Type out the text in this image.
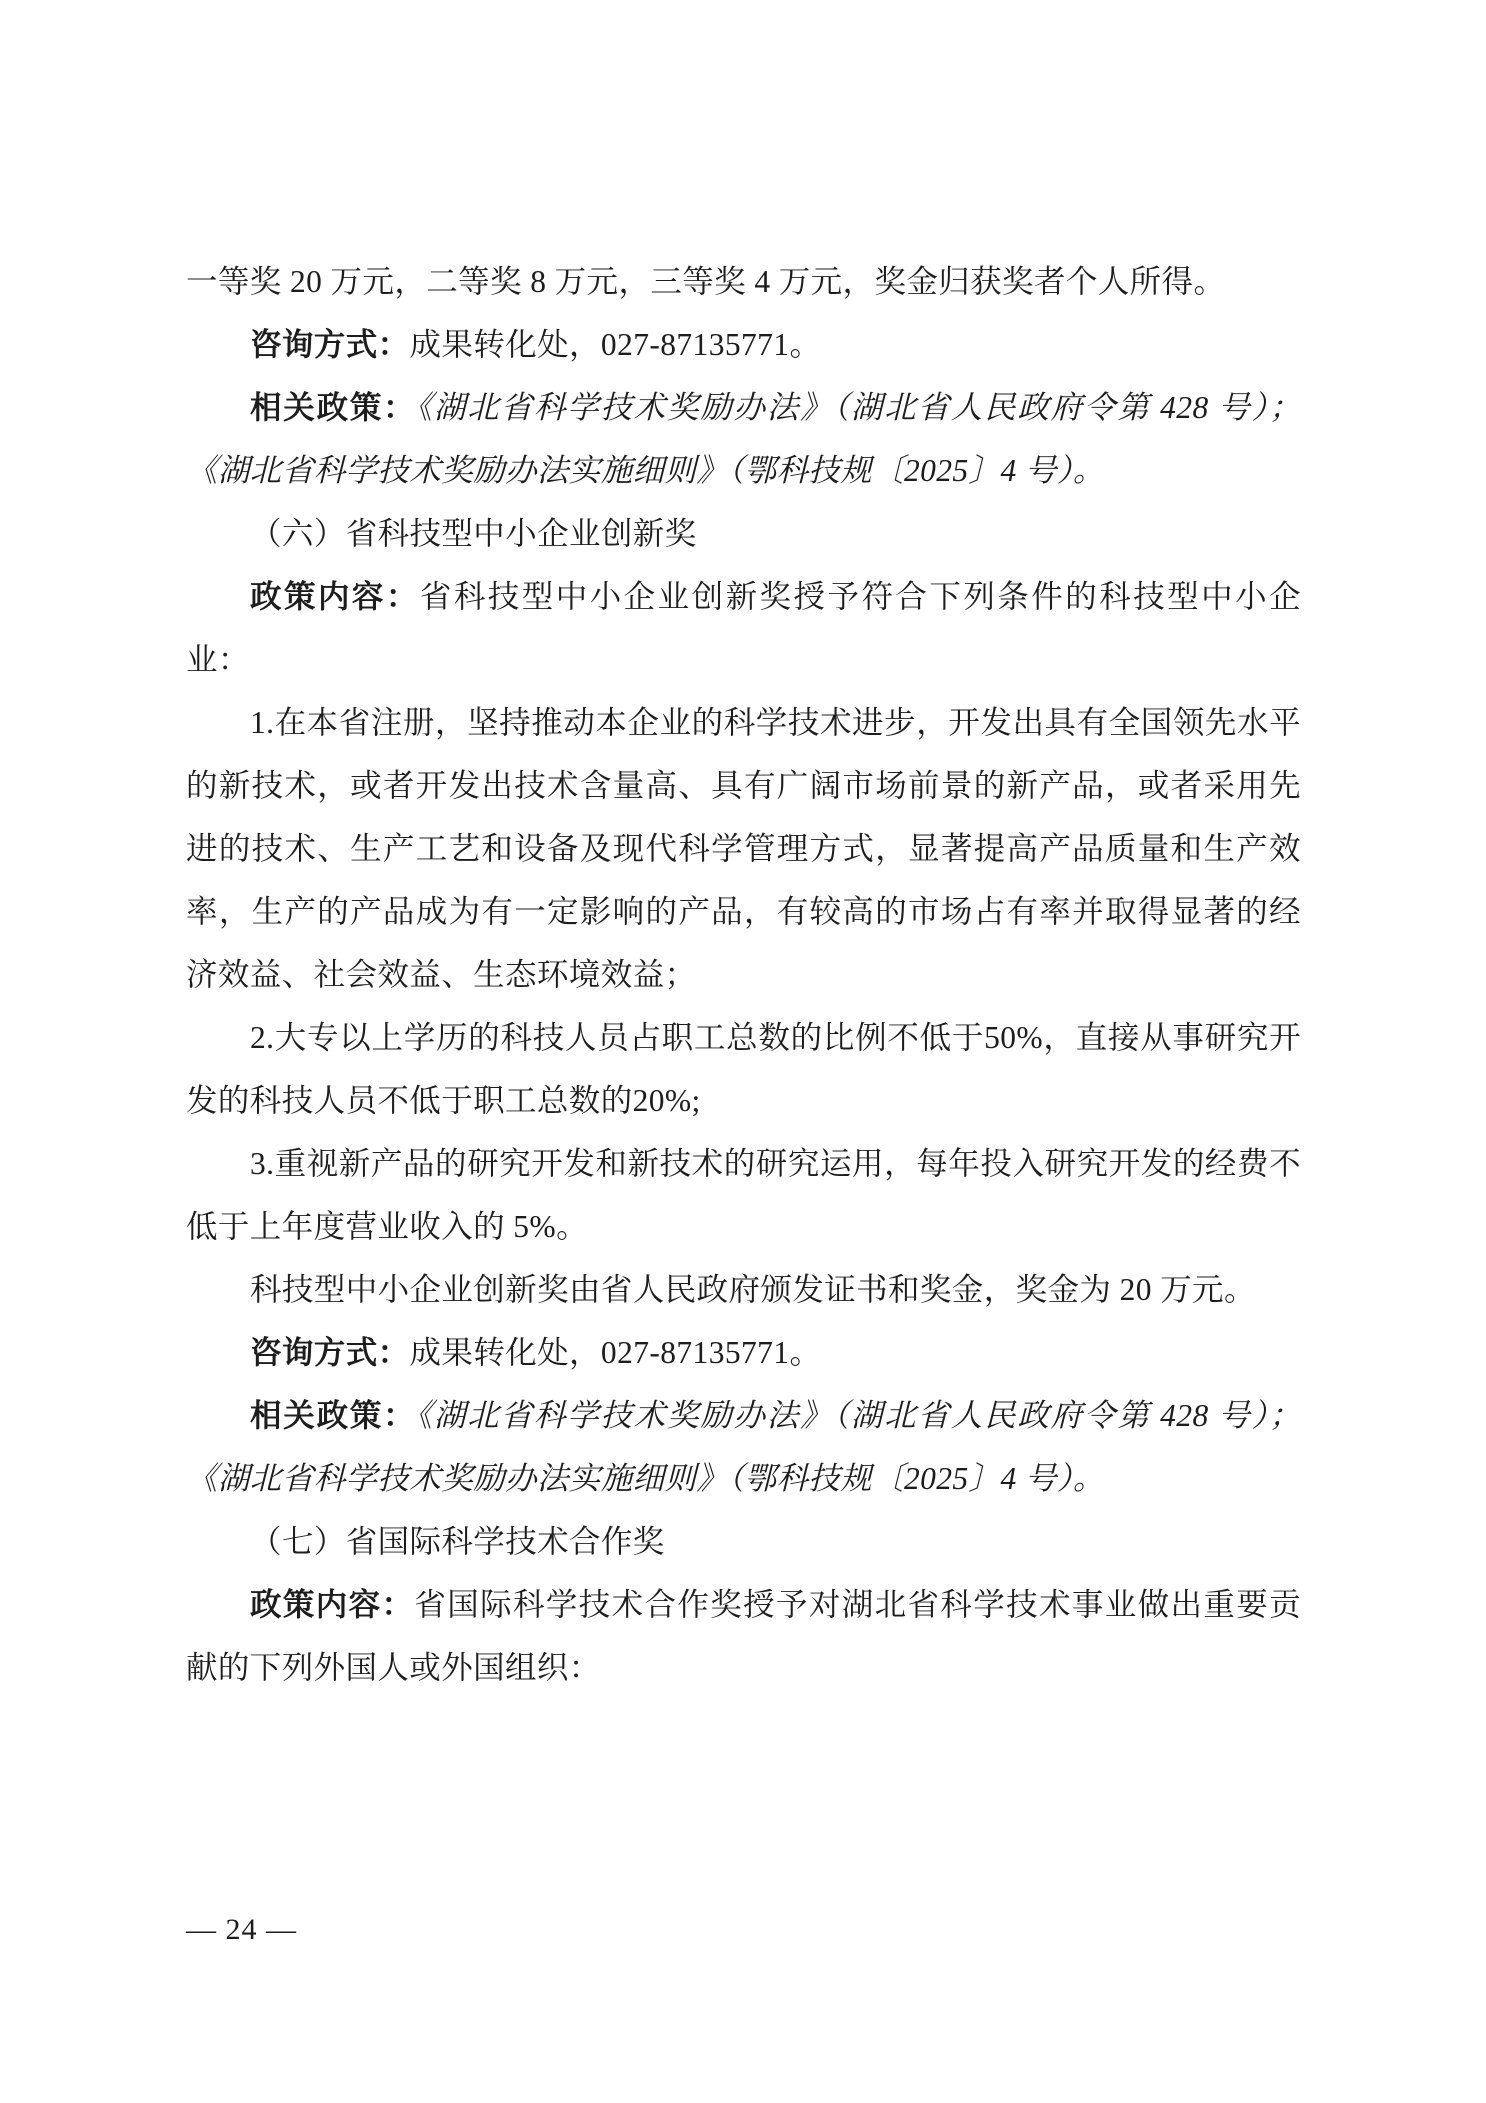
一等奖 20 万元，二等奖 8 万元，三等奖 4 万元，奖金归获奖者个人所得。

咨询方式：成果转化处，027-87135771。

相关政策：《湖北省科学技术奖励办法》（湖北省人民政府令第 428 号）；《湖北省科学技术奖励办法实施细则》（鄂科技规〔2025〕4 号）。

（六）省科技型中小企业创新奖

政策内容：省科技型中小企业创新奖授予符合下列条件的科技型中小企业：

1.在本省注册，坚持推动本企业的科学技术进步，开发出具有全国领先水平的新技术，或者开发出技术含量高、具有广阔市场前景的新产品，或者采用先进的技术、生产工艺和设备及现代科学管理方式，显著提高产品质量和生产效率，生产的产品成为有一定影响的产品，有较高的市场占有率并取得显著的经济效益、社会效益、生态环境效益；

2.大专以上学历的科技人员占职工总数的比例不低于50%，直接从事研究开发的科技人员不低于职工总数的20%;

3.重视新产品的研究开发和新技术的研究运用，每年投入研究开发的经费不低于上年度营业收入的 5%。

科技型中小企业创新奖由省人民政府颁发证书和奖金，奖金为 20 万元。

咨询方式：成果转化处，027-87135771。

相关政策：《湖北省科学技术奖励办法》（湖北省人民政府令第 428 号）；《湖北省科学技术奖励办法实施细则》（鄂科技规〔2025〕4 号）。

（七）省国际科学技术合作奖

政策内容：省国际科学技术合作奖授予对湖北省科学技术事业做出重要贡献的下列外国人或外国组织：

— 24 —
